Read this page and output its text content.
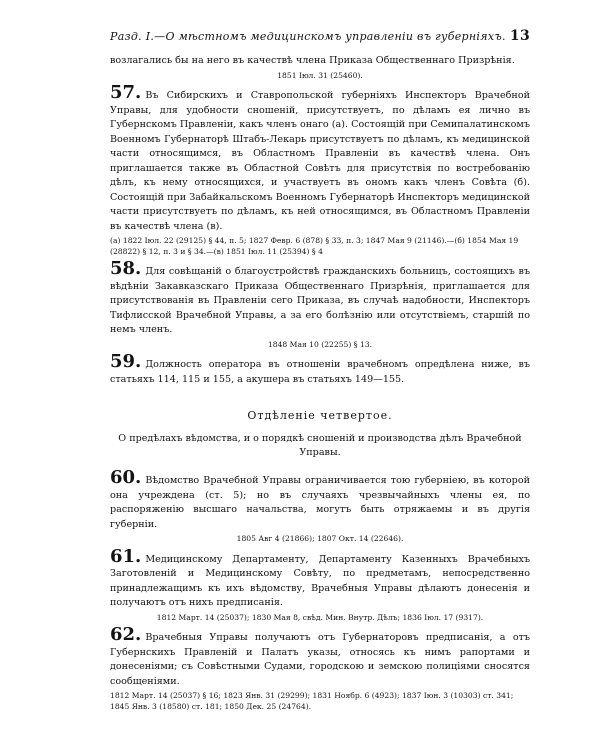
Разд. I.—О мѣстномъ медицинскомъ управленiи въ губернiяхъ. 13

возлагались бы на него въ качествѣ члена Приказа Общественнаго Призрѣнія.

1851 Iюл. 31 (25460).

57. Въ Сибирскихъ и Ставропольской губерніяхъ Инспекторъ Врачебной Управы, для удобности сношеній, присутствуетъ, по дѣламъ ея лично въ Губернскомъ Правленіи, какъ членъ онаго (а). Состоящій при Семипалатинскомъ Военномъ Губернаторѣ Штабъ-Лекарь присутствуетъ по дѣламъ, къ медицинской части относящимся, въ Областномъ Правленіи въ качествѣ члена. Онъ приглашается также въ Областной Совѣтъ для присутствія по востребованію дѣлъ, къ нему относящихся, и участвуетъ въ ономъ какъ членъ Совѣта (б). Состоящій при Забайкальскомъ Военномъ Губернаторѣ Инспекторъ медицинской части присутствуетъ по дѣламъ, къ ней относящимся, въ Областномъ Правленіи въ качествѣ члена (в).

(а) 1822 Іюл. 22 (29125) § 44, п. 5; 1827 Февр. 6 (878) § 33, п. 3; 1847 Мая 9 (21146).—(б) 1854 Мая 19 (28822) § 12, п. 3 и § 34.—(в) 1851 Іюл. 11 (25394) § 4

58. Для совѣщаній о благоустройствѣ гражданскихъ больницъ, состоящихъ въ вѣдѣніи Закавказскаго Приказа Общественнаго Призрѣнія, приглашается для присутствованія въ Правленіи сего Приказа, въ случаѣ надобности, Инспекторъ Тифлисской Врачебной Управы, а за его болѣзнію или отсутствіемъ, старшій по немъ членъ.

1848 Мая 10 (22255) § 13.

59. Должность оператора въ отношеніи врачебномъ опредѣлена ниже, въ статьяхъ 114, 115 и 155, а акушера въ статьяхъ 149—155.

Отдѣленіе четвертое.
О предѣлахъ вѣдомства, и о порядкѣ сношеній и производства дѣлъ Врачебной Управы.

60. Вѣдомство Врачебной Управы ограничивается тою губерніею, въ которой она учреждена (ст. 5); но въ случаяхъ чрезвычайныхъ члены ея, по распоряженію высшаго начальства, могутъ быть отряжаемы и въ другія губерніи.

1805 Авг 4 (21866); 1807 Окт. 14 (22646).

61. Медицинскому Департаменту, Департаменту Казенныхъ Врачебныхъ Заготовленій и Медицинскому Совѣту, по предметамъ, непосредственно принадлежащимъ къ ихъ вѣдомству, Врачебныя Управы дѣлаютъ донесенія и получаютъ отъ нихъ предписанія.

1812 Март. 14 (25037); 1830 Мая 8, свѣд. Мин. Внутр. Дѣлъ; 1836 Іюл. 17 (9317).

62. Врачебныя Управы получаютъ отъ Губернаторовъ предписанія, а отъ Губернскихъ Правленій и Палатъ указы, относясь къ нимъ рапортами и донесеніями; съ Совѣстными Судами, городскою и земскою полиціями сносятся сообщеніями.

1812 Март. 14 (25037) § 16; 1823 Янв. 31 (29299); 1831 Ноябр. 6 (4923); 1837 Іюн. 3 (10303) ст. 341; 1845 Янв. 3 (18580) ст. 181; 1850 Дек. 25 (24764).
